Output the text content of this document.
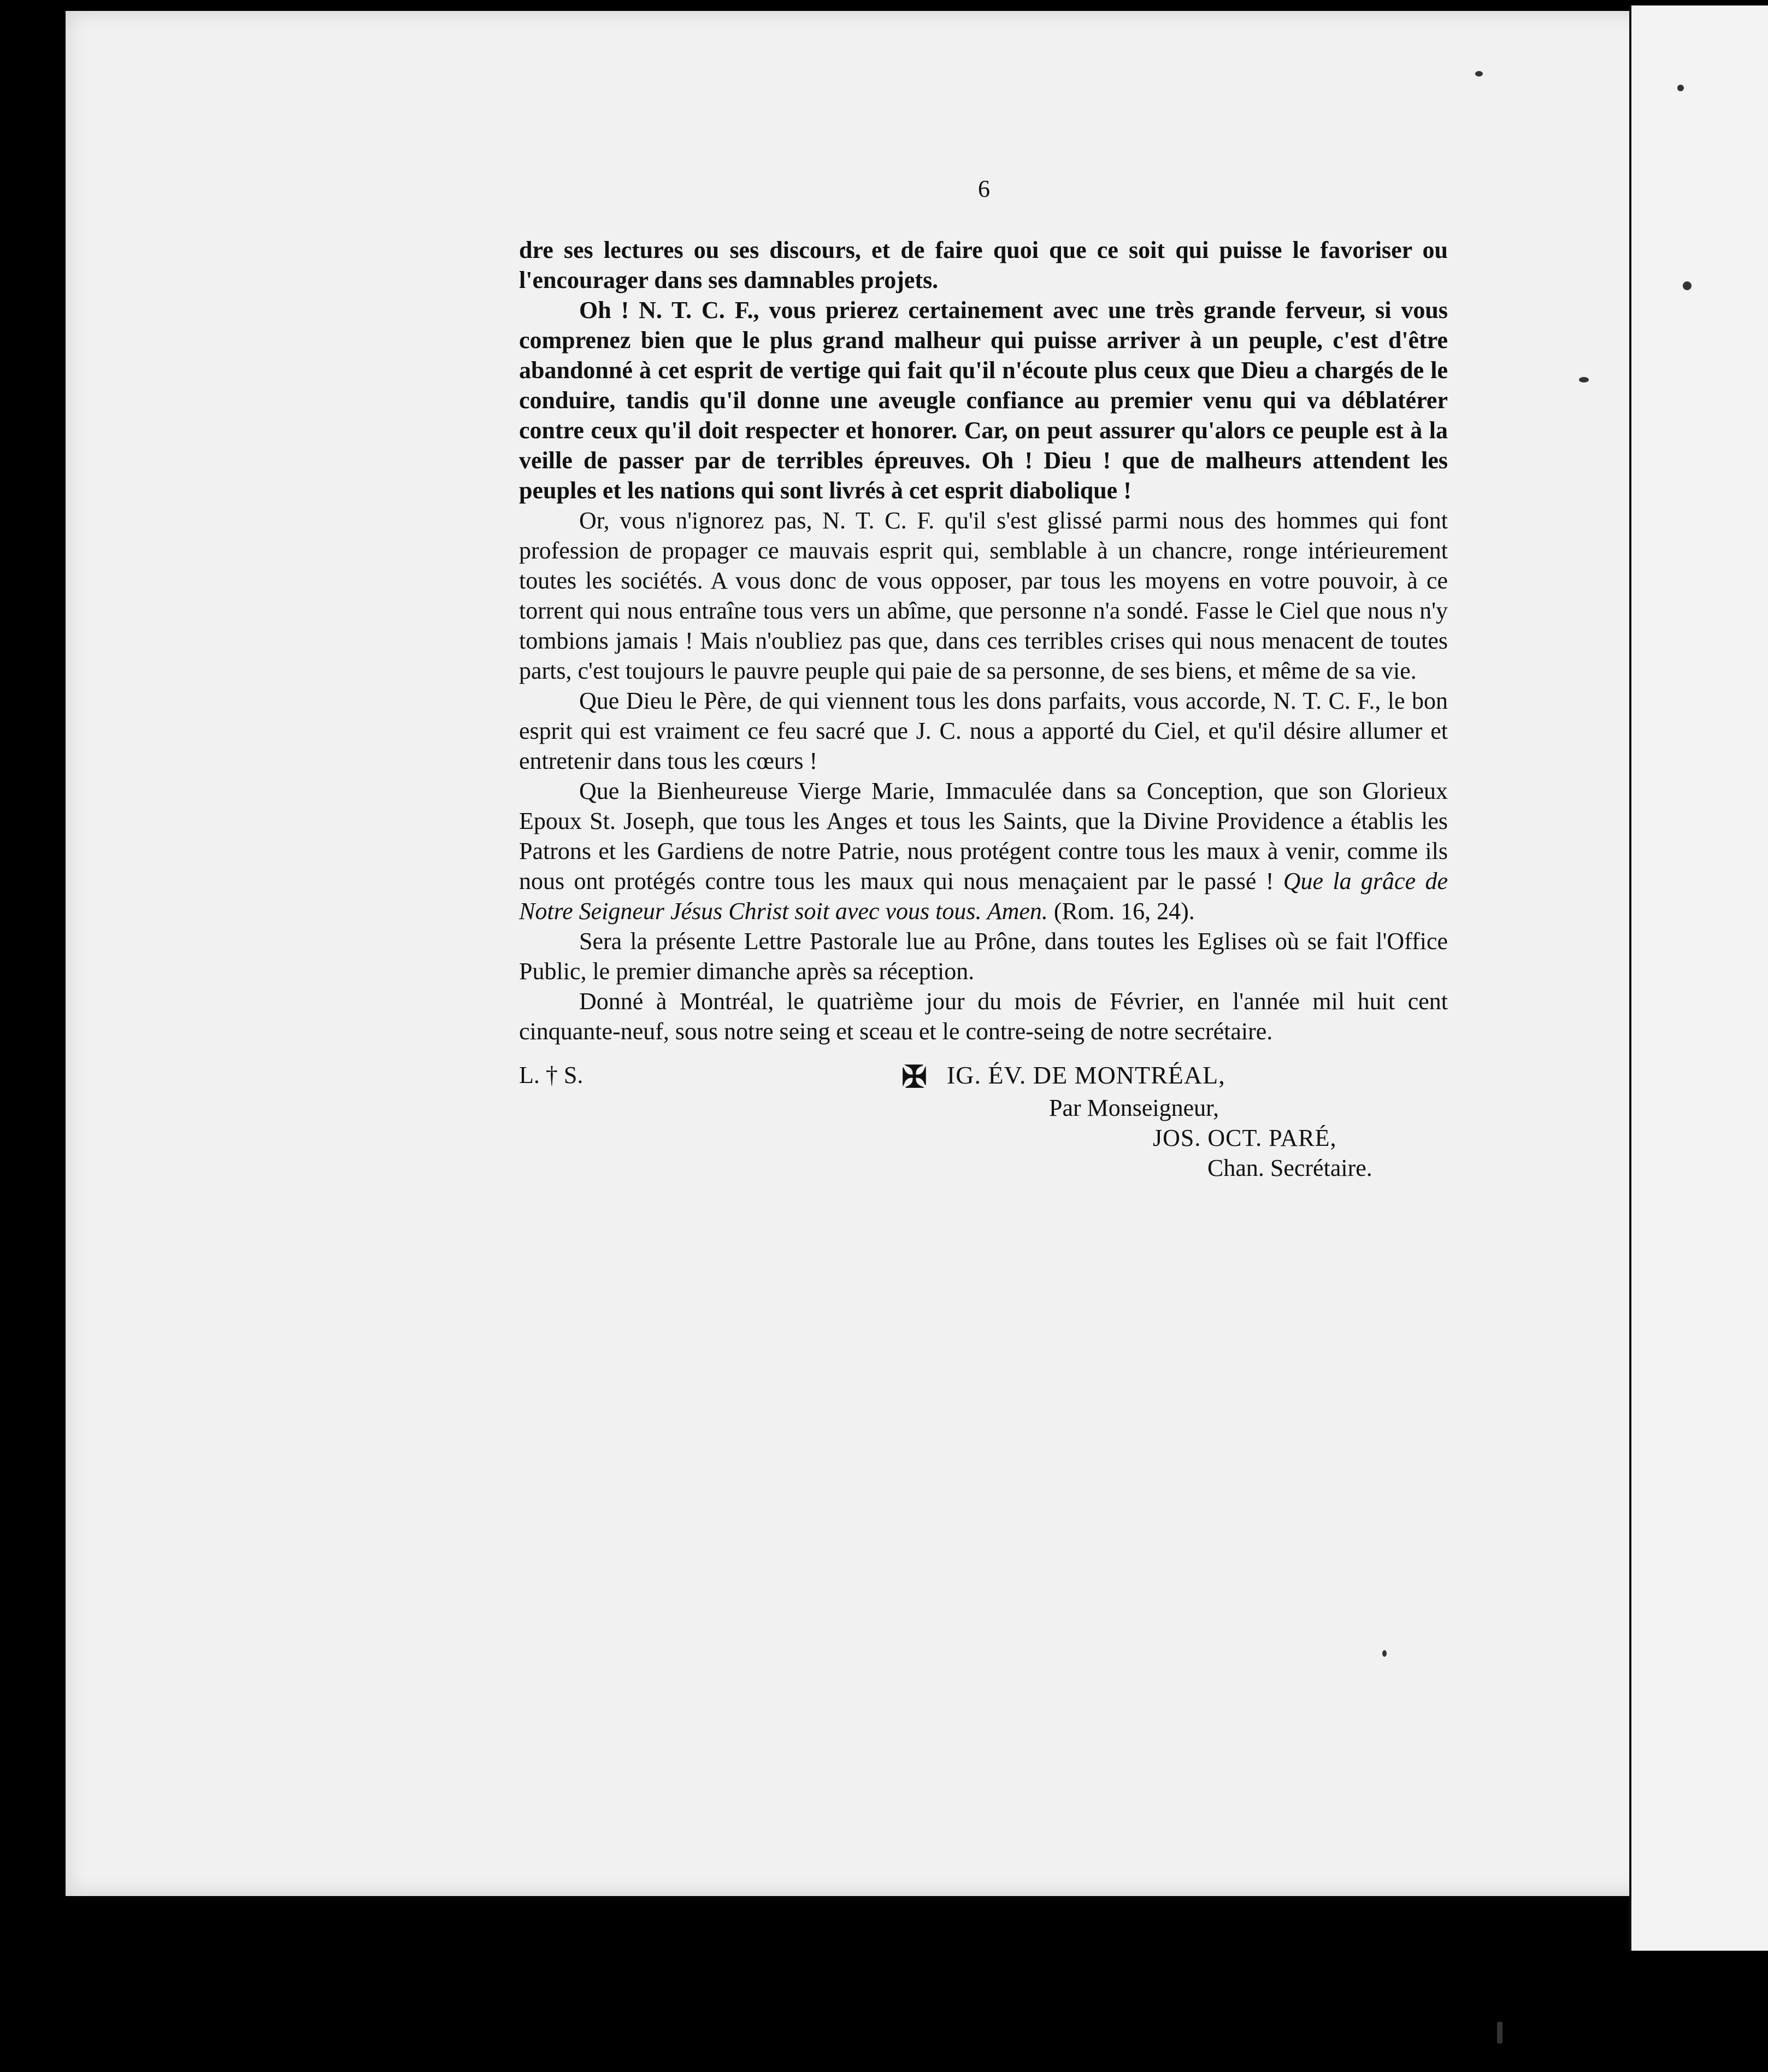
6

dre ses lectures ou ses discours, et de faire quoi que ce soit qui puisse le favoriser ou l'encourager dans ses damnables projets.

Oh ! N. T. C. F., vous prierez certainement avec une très grande ferveur, si vous comprenez bien que le plus grand malheur qui puisse arriver à un peuple, c'est d'être abandonné à cet esprit de vertige qui fait qu'il n'écoute plus ceux que Dieu a chargés de le conduire, tandis qu'il donne une aveugle confiance au premier venu qui va déblatérer contre ceux qu'il doit respecter et honorer. Car, on peut assurer qu'alors ce peuple est à la veille de passer par de terribles épreuves. Oh ! Dieu ! que de malheurs attendent les peuples et les nations qui sont livrés à cet esprit diabolique !

Or, vous n'ignorez pas, N. T. C. F. qu'il s'est glissé parmi nous des hommes qui font profession de propager ce mauvais esprit qui, semblable à un chancre, ronge intérieurement toutes les sociétés. A vous donc de vous opposer, par tous les moyens en votre pouvoir, à ce torrent qui nous entraîne tous vers un abîme, que personne n'a sondé. Fasse le Ciel que nous n'y tombions jamais ! Mais n'oubliez pas que, dans ces terribles crises qui nous menacent de toutes parts, c'est toujours le pauvre peuple qui paie de sa personne, de ses biens, et même de sa vie.

Que Dieu le Père, de qui viennent tous les dons parfaits, vous accorde, N. T. C. F., le bon esprit qui est vraiment ce feu sacré que J. C. nous a apporté du Ciel, et qu'il désire allumer et entretenir dans tous les cœurs !

Que la Bienheureuse Vierge Marie, Immaculée dans sa Conception, que son Glorieux Epoux St. Joseph, que tous les Anges et tous les Saints, que la Divine Providence a établis les Patrons et les Gardiens de notre Patrie, nous protégent contre tous les maux à venir, comme ils nous ont protégés contre tous les maux qui nous menaçaient par le passé ! Que la grâce de Notre Seigneur Jésus Christ soit avec vous tous. Amen. (Rom. 16, 24).

Sera la présente Lettre Pastorale lue au Prône, dans toutes les Eglises où se fait l'Office Public, le premier dimanche après sa réception.

Donné à Montréal, le quatrième jour du mois de Février, en l'année mil huit cent cinquante-neuf, sous notre seing et sceau et le contre-seing de notre secrétaire.

L. † S.	✠ IG. ÉV. DE MONTRÉAL,
Par Monseigneur,
JOS. OCT. PARÉ,
Chan. Secrétaire.
